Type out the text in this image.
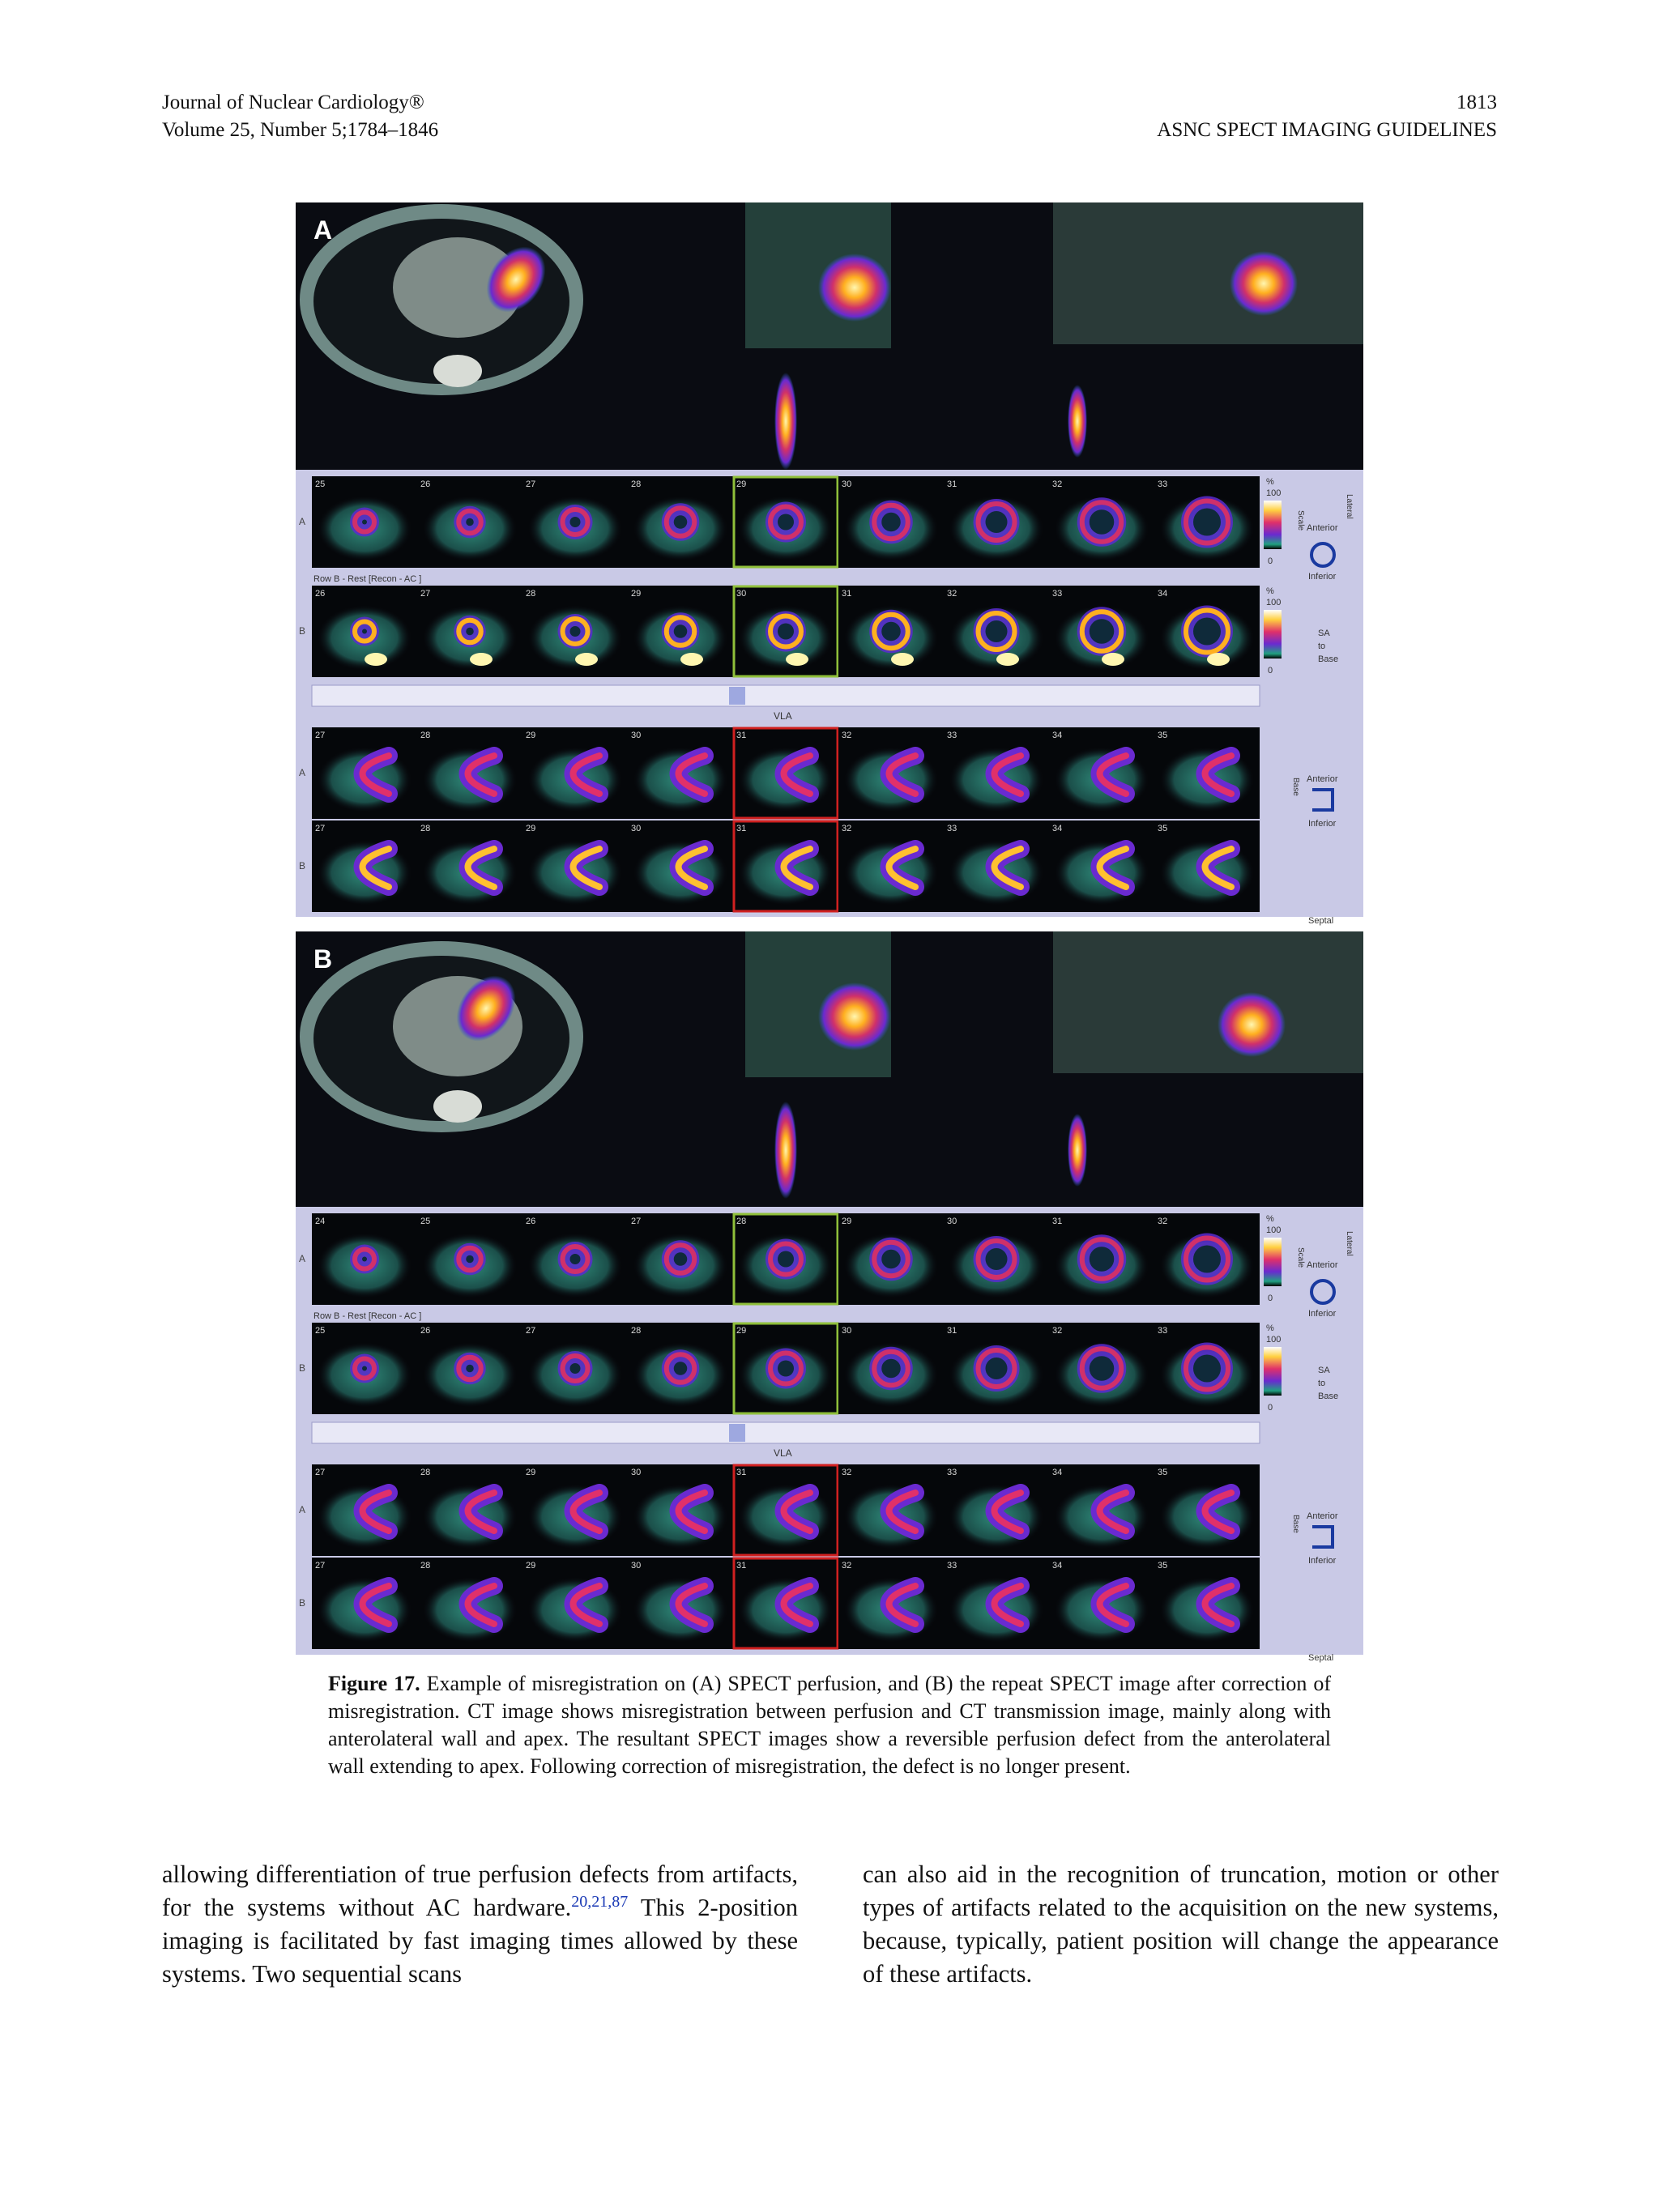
Journal of Nuclear Cardiology®
Volume 25, Number 5;1784–1846
1813
ASNC SPECT IMAGING GUIDELINES
A
A
25	26	27	28	29	30	31	32	33
B
26	27	28	29	30	31	32	33	34
A
27	28	29	30	31	32	33	34	35
B
27	28	29	30	31	32	33	34	35
Row B - Rest [Recon - AC ]
VLA
%
100
0
%
100
0
Anterior
Inferior
SA
to
Base
Anterior
Inferior
Septal
Base
Lateral
Scale
B
A
24	25	26	27	28	29	30	31	32
B
25	26	27	28	29	30	31	32	33
A
27	28	29	30	31	32	33	34	35
B
27	28	29	30	31	32	33	34	35
Row B - Rest [Recon - AC ]
VLA
%
100
0
%
100
0
Anterior
Inferior
SA
to
Base
Anterior
Inferior
Septal
Base
Lateral
Scale
Figure 17. Example of misregistration on (A) SPECT perfusion, and (B) the repeat SPECT image after correction of misregistration. CT image shows misregistration between perfusion and CT transmission image, mainly along with anterolateral wall and apex. The resultant SPECT images show a reversible perfusion defect from the anterolateral wall extending to apex. Following correction of misregistration, the defect is no longer present.
allowing differentiation of true perfusion defects from artifacts, for the systems without AC hardware.$^{20,21,87}$ This 2-position imaging is facilitated by fast imaging times allowed by these systems. Two sequential scans
can also aid in the recognition of truncation, motion or other types of artifacts related to the acquisition on the new systems, because, typically, patient position will change the appearance of these artifacts.
